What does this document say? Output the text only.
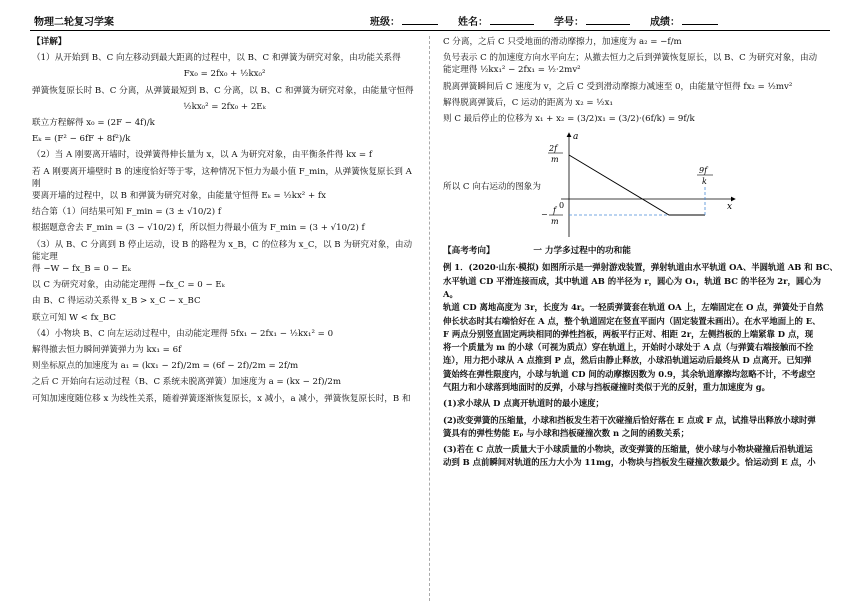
物理二轮复习学案	班级：	姓名：	学号：	成绩：

【详解】

（1）从开始到 B、C 向左移动到最大距离的过程中，以 B、C 和弹簧为研究对象，由功能关系得

Fx₀ = 2fx₀ + ½kx₀²

弹簧恢复原长时 B、C 分离，从弹簧最短到 B、C 分离，以 B、C 和弹簧为研究对象，由能量守恒得

½kx₀² = 2fx₀ + 2Eₖ

联立方程解得 x₀ = (2F − 4f)/k

Eₖ = (F² − 6fF + 8f²)/k

（2）当 A 刚要离开墙时，设弹簧得伸长量为 x，以 A 为研究对象，由平衡条件得 kx = f

若 A 刚要离开墙壁时 B 的速度恰好等于零，这种情况下恒力为最小值 F_min，从弹簧恢复原长到 A 刚

要离开墙的过程中，以 B 和弹簧为研究对象，由能量守恒得 Eₖ = ½kx² + fx

结合第（1）问结果可知 F_min = (3 ± √10/2) f

根据题意舍去 F_min = (3 − √10/2) f，所以恒力得最小值为 F_min = (3 + √10/2) f

（3）从 B、C 分离到 B 停止运动，设 B 的路程为 x_B，C 的位移为 x_C，以 B 为研究对象，由动能定理

得 −W − fx_B = 0 − Eₖ

以 C 为研究对象，由动能定理得 −fx_C = 0 − Eₖ

由 B、C 得运动关系得 x_B > x_C − x_BC

联立可知 W < fx_BC

（4）小物块 B、C 向左运动过程中，由动能定理得 5fx₁ − 2fx₁ − ½kx₁² = 0

解得撤去恒力瞬间弹簧弹力为 kx₁ = 6f

则坐标原点的加速度为 a₁ = (kx₁ − 2f)/2m = (6f − 2f)/2m = 2f/m

之后 C 开始向右运动过程（B、C 系统未脱离弹簧）加速度为 a = (kx − 2f)/2m

可知加速度随位移 x 为线性关系，随着弹簧逐渐恢复原长，x 减小，a 减小，弹簧恢复原长时，B 和

C 分离，之后 C 只受地面的滑动摩擦力，加速度为 a₂ = −f/m

负号表示 C 的加速度方向水平向左；从撤去恒力之后到弹簧恢复原长，以 B、C 为研究对象，由动

能定理得 ½kx₁² − 2fx₁ = ½·2mv²

脱离弹簧瞬间后 C 速度为 v，之后 C 受到滑动摩擦力减速至 0，由能量守恒得 fx₂ = ½mv²

解得脱离弹簧后，C 运动的距离为 x₂ = ½x₁

则 C 最后停止的位移为 x₁ + x₂ = (3/2)x₁ = (3/2)·(6f/k) = 9f/k

所以 C 向右运动的图象为
a
x
0
2f
m
− f
m
9f
k

【高考考向】	一 力学多过程中的功和能

例 1．(2020·山东·模拟) 如图所示是一弹射游戏装置，弹射轨道由水平轨道 OA、半圆轨道 AB 和 BC、
水平轨道 CD 平滑连接而成，其中轨道 AB 的半径为 r，圆心为 O₁，轨道 BC 的半径为 2r，圆心为 A。
轨道 CD 离地高度为 3r，长度为 4r。一轻质弹簧套在轨道 OA 上，左端固定在 O 点，弹簧处于自然
伸长状态时其右端恰好在 A 点，整个轨道固定在竖直平面内（固定装置未画出）。在水平地面上的 E、
F 两点分别竖直固定两块相同的弹性挡板，两板平行正对、相距 2r，左侧挡板的上端紧靠 D 点，现
将一个质量为 m 的小球（可视为质点）穿在轨道上，开始时小球处于 A 点（与弹簧右端接触而不拴
连），用力把小球从 A 点推到 P 点，然后由静止释放，小球沿轨道运动后最终从 D 点离开。已知弹
簧始终在弹性限度内，小球与轨道 CD 间的动摩擦因数为 0.9，其余轨道摩擦均忽略不计，不考虑空
气阻力和小球落到地面时的反弹，小球与挡板碰撞时类似于光的反射，重力加速度为 g。
(1)求小球从 D 点离开轨道时的最小速度；
(2)改变弹簧的压缩量，小球和挡板发生若干次碰撞后恰好落在 E 点或 F 点，试推导出释放小球时弹
簧具有的弹性势能 Eₚ 与小球和挡板碰撞次数 n 之间的函数关系；
(3)若在 C 点放一质量大于小球质量的小物块，改变弹簧的压缩量，使小球与小物块碰撞后沿轨道运
动到 B 点前瞬间对轨道的压力大小为 11mg，小物块与挡板发生碰撞次数最少。恰运动到 E 点，小
